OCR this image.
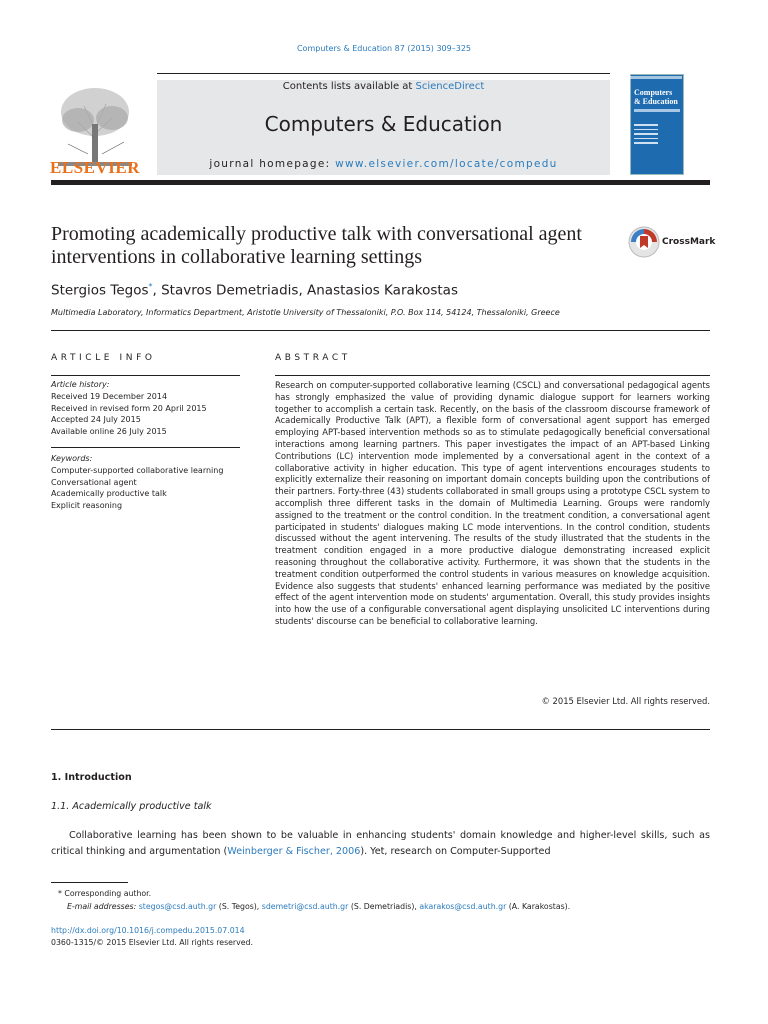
Computers & Education 87 (2015) 309–325
ELSEVIER
Contents lists available at ScienceDirect
Computers & Education
journal homepage: www.elsevier.com/locate/compedu
Computers & Education
Promoting academically productive talk with conversational agent interventions in collaborative learning settings
CrossMark
Stergios Tegos*, Stavros Demetriadis, Anastasios Karakostas
Multimedia Laboratory, Informatics Department, Aristotle University of Thessaloniki, P.O. Box 114, 54124, Thessaloniki, Greece
ARTICLE INFO	ABSTRACT
Article history:
Received 19 December 2014
Received in revised form 20 April 2015
Accepted 24 July 2015
Available online 26 July 2015
Keywords:
Computer-supported collaborative learning
Conversational agent
Academically productive talk
Explicit reasoning
Research on computer-supported collaborative learning (CSCL) and conversational pedagogical agents has strongly emphasized the value of providing dynamic dialogue support for learners working together to accomplish a certain task. Recently, on the basis of the classroom discourse framework of Academically Productive Talk (APT), a flexible form of conversational agent support has emerged employing APT-based intervention methods so as to stimulate pedagogically beneficial conversational interactions among learning partners. This paper investigates the impact of an APT-based Linking Contributions (LC) intervention mode implemented by a conversational agent in the context of a collaborative activity in higher education. This type of agent interventions encourages students to explicitly externalize their reasoning on important domain concepts building upon the contributions of their partners. Forty-three (43) students collaborated in small groups using a prototype CSCL system to accomplish three different tasks in the domain of Multimedia Learning. Groups were randomly assigned to the treatment or the control condition. In the treatment condition, a conversational agent participated in students' dialogues making LC mode interventions. In the control condition, students discussed without the agent intervening. The results of the study illustrated that the students in the treatment condition engaged in a more productive dialogue demonstrating increased explicit reasoning throughout the collaborative activity. Furthermore, it was shown that the students in the treatment condition outperformed the control students in various measures on knowledge acquisition. Evidence also suggests that students' enhanced learning performance was mediated by the positive effect of the agent intervention mode on students' argumentation. Overall, this study provides insights into how the use of a configurable conversational agent displaying unsolicited LC interventions during students' discourse can be beneficial to collaborative learning.
© 2015 Elsevier Ltd. All rights reserved.
1. Introduction
1.1. Academically productive talk
Collaborative learning has been shown to be valuable in enhancing students' domain knowledge and higher-level skills, such as critical thinking and argumentation (Weinberger & Fischer, 2006). Yet, research on Computer-Supported
* Corresponding author.
E-mail addresses: stegos@csd.auth.gr (S. Tegos), sdemetri@csd.auth.gr (S. Demetriadis), akarakos@csd.auth.gr (A. Karakostas).
http://dx.doi.org/10.1016/j.compedu.2015.07.014
0360-1315/© 2015 Elsevier Ltd. All rights reserved.
